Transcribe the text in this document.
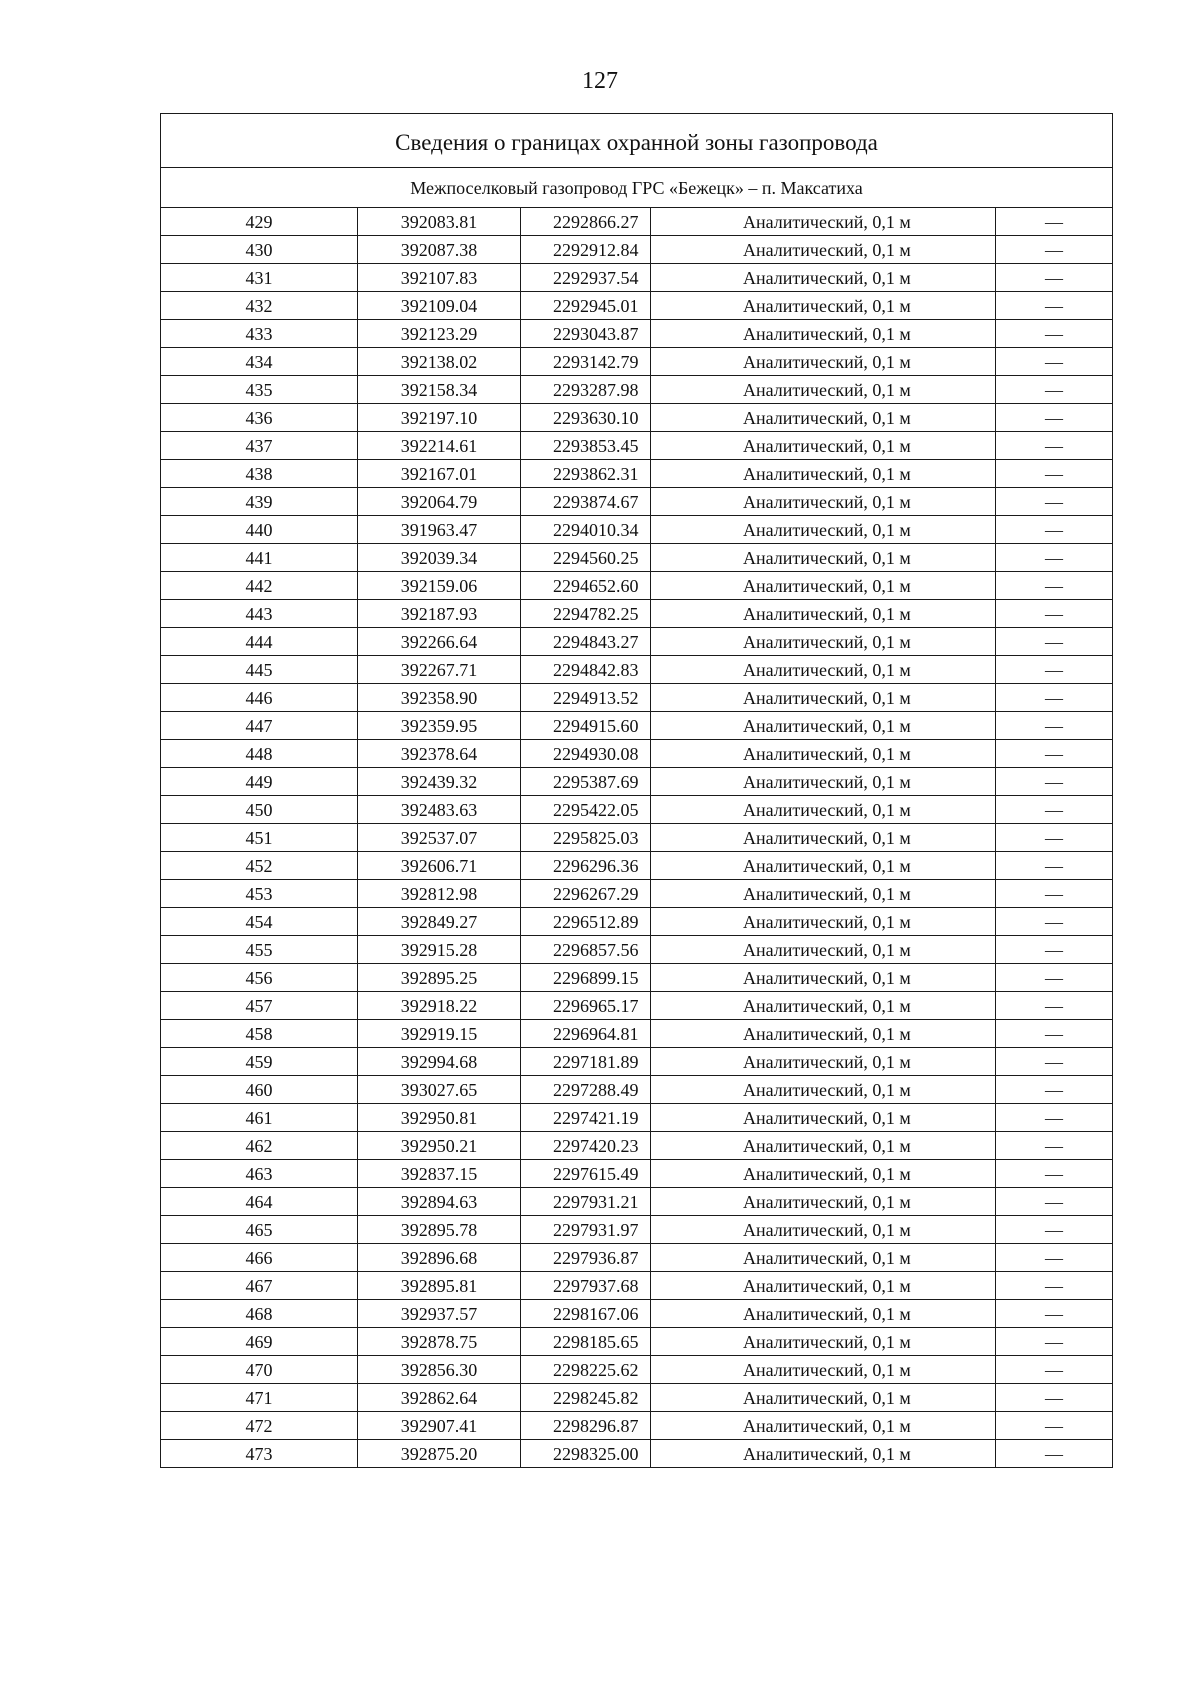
127
Сведения о границах охранной зоны газопровода				
Межпоселковый газопровод ГРС «Бежецк» – п. Максатиха				
429	392083.81	2292866.27	Аналитический, 0,1 м	—
430	392087.38	2292912.84	Аналитический, 0,1 м	—
431	392107.83	2292937.54	Аналитический, 0,1 м	—
432	392109.04	2292945.01	Аналитический, 0,1 м	—
433	392123.29	2293043.87	Аналитический, 0,1 м	—
434	392138.02	2293142.79	Аналитический, 0,1 м	—
435	392158.34	2293287.98	Аналитический, 0,1 м	—
436	392197.10	2293630.10	Аналитический, 0,1 м	—
437	392214.61	2293853.45	Аналитический, 0,1 м	—
438	392167.01	2293862.31	Аналитический, 0,1 м	—
439	392064.79	2293874.67	Аналитический, 0,1 м	—
440	391963.47	2294010.34	Аналитический, 0,1 м	—
441	392039.34	2294560.25	Аналитический, 0,1 м	—
442	392159.06	2294652.60	Аналитический, 0,1 м	—
443	392187.93	2294782.25	Аналитический, 0,1 м	—
444	392266.64	2294843.27	Аналитический, 0,1 м	—
445	392267.71	2294842.83	Аналитический, 0,1 м	—
446	392358.90	2294913.52	Аналитический, 0,1 м	—
447	392359.95	2294915.60	Аналитический, 0,1 м	—
448	392378.64	2294930.08	Аналитический, 0,1 м	—
449	392439.32	2295387.69	Аналитический, 0,1 м	—
450	392483.63	2295422.05	Аналитический, 0,1 м	—
451	392537.07	2295825.03	Аналитический, 0,1 м	—
452	392606.71	2296296.36	Аналитический, 0,1 м	—
453	392812.98	2296267.29	Аналитический, 0,1 м	—
454	392849.27	2296512.89	Аналитический, 0,1 м	—
455	392915.28	2296857.56	Аналитический, 0,1 м	—
456	392895.25	2296899.15	Аналитический, 0,1 м	—
457	392918.22	2296965.17	Аналитический, 0,1 м	—
458	392919.15	2296964.81	Аналитический, 0,1 м	—
459	392994.68	2297181.89	Аналитический, 0,1 м	—
460	393027.65	2297288.49	Аналитический, 0,1 м	—
461	392950.81	2297421.19	Аналитический, 0,1 м	—
462	392950.21	2297420.23	Аналитический, 0,1 м	—
463	392837.15	2297615.49	Аналитический, 0,1 м	—
464	392894.63	2297931.21	Аналитический, 0,1 м	—
465	392895.78	2297931.97	Аналитический, 0,1 м	—
466	392896.68	2297936.87	Аналитический, 0,1 м	—
467	392895.81	2297937.68	Аналитический, 0,1 м	—
468	392937.57	2298167.06	Аналитический, 0,1 м	—
469	392878.75	2298185.65	Аналитический, 0,1 м	—
470	392856.30	2298225.62	Аналитический, 0,1 м	—
471	392862.64	2298245.82	Аналитический, 0,1 м	—
472	392907.41	2298296.87	Аналитический, 0,1 м	—
473	392875.20	2298325.00	Аналитический, 0,1 м	—
